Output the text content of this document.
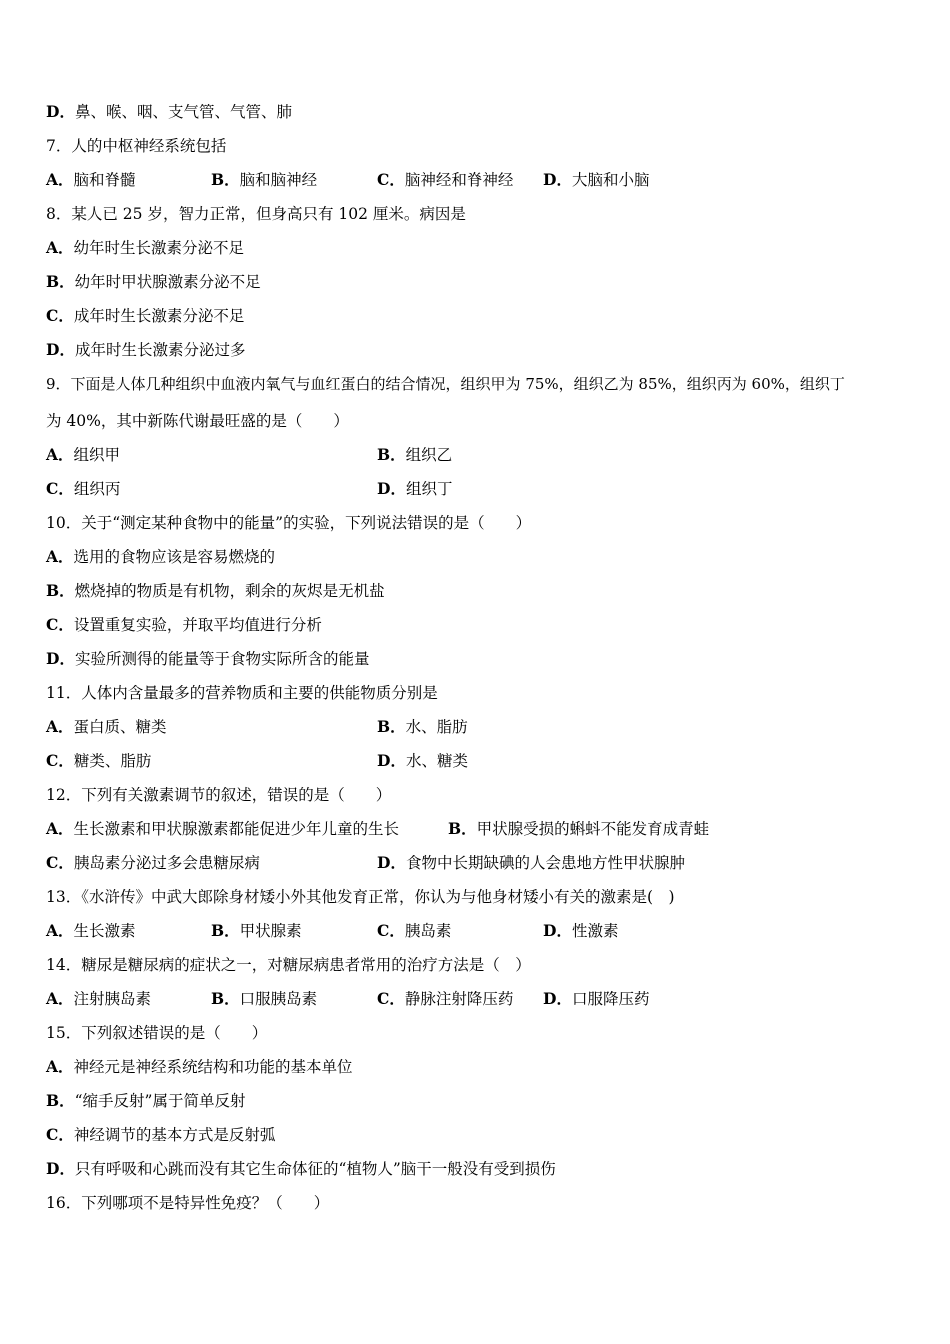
D．鼻、喉、咽、支气管、气管、肺
7．人的中枢神经系统包括
A．脑和脊髓	B．脑和脑神经	C．脑神经和脊神经 D．大脑和小脑
8．某人已 25 岁，智力正常，但身高只有 102 厘米。病因是
A．幼年时生长激素分泌不足
B．幼年时甲状腺激素分泌不足
C．成年时生长激素分泌不足
D．成年时生长激素分泌过多
9．下面是人体几种组织中血液内氧气与血红蛋白的结合情况，组织甲为 75%，组织乙为 85%，组织丙为 60%，组织丁
为 40%，其中新陈代谢最旺盛的是（　　）
A．组织甲	B．组织乙
C．组织丙	D．组织丁
10．关于“测定某种食物中的能量”的实验，下列说法错误的是（　　）
A．选用的食物应该是容易燃烧的
B．燃烧掉的物质是有机物，剩余的灰烬是无机盐
C．设置重复实验，并取平均值进行分析
D．实验所测得的能量等于食物实际所含的能量
11．人体内含量最多的营养物质和主要的供能物质分别是
A．蛋白质、糖类	B．水、脂肪
C．糖类、脂肪	D．水、糖类
12．下列有关激素调节的叙述，错误的是（　　）
A．生长激素和甲状腺激素都能促进少年儿童的生长	B．甲状腺受损的蝌蚪不能发育成青蛙
C．胰岛素分泌过多会患糖尿病	D．食物中长期缺碘的人会患地方性甲状腺肿
13．《水浒传》中武大郎除身材矮小外其他发育正常，你认为与他身材矮小有关的激素是(　)
A．生长激素	B．甲状腺素	C．胰岛素	D．性激素
14．糖尿是糖尿病的症状之一，对糖尿病患者常用的治疗方法是（　）
A．注射胰岛素	B．口服胰岛素	C．静脉注射降压药 D．口服降压药
15．下列叙述错误的是（　　）
A．神经元是神经系统结构和功能的基本单位
B．“缩手反射”属于简单反射
C．神经调节的基本方式是反射弧
D．只有呼吸和心跳而没有其它生命体征的“植物人”脑干一般没有受到损伤
16．下列哪项不是特异性免疫？（　　）
